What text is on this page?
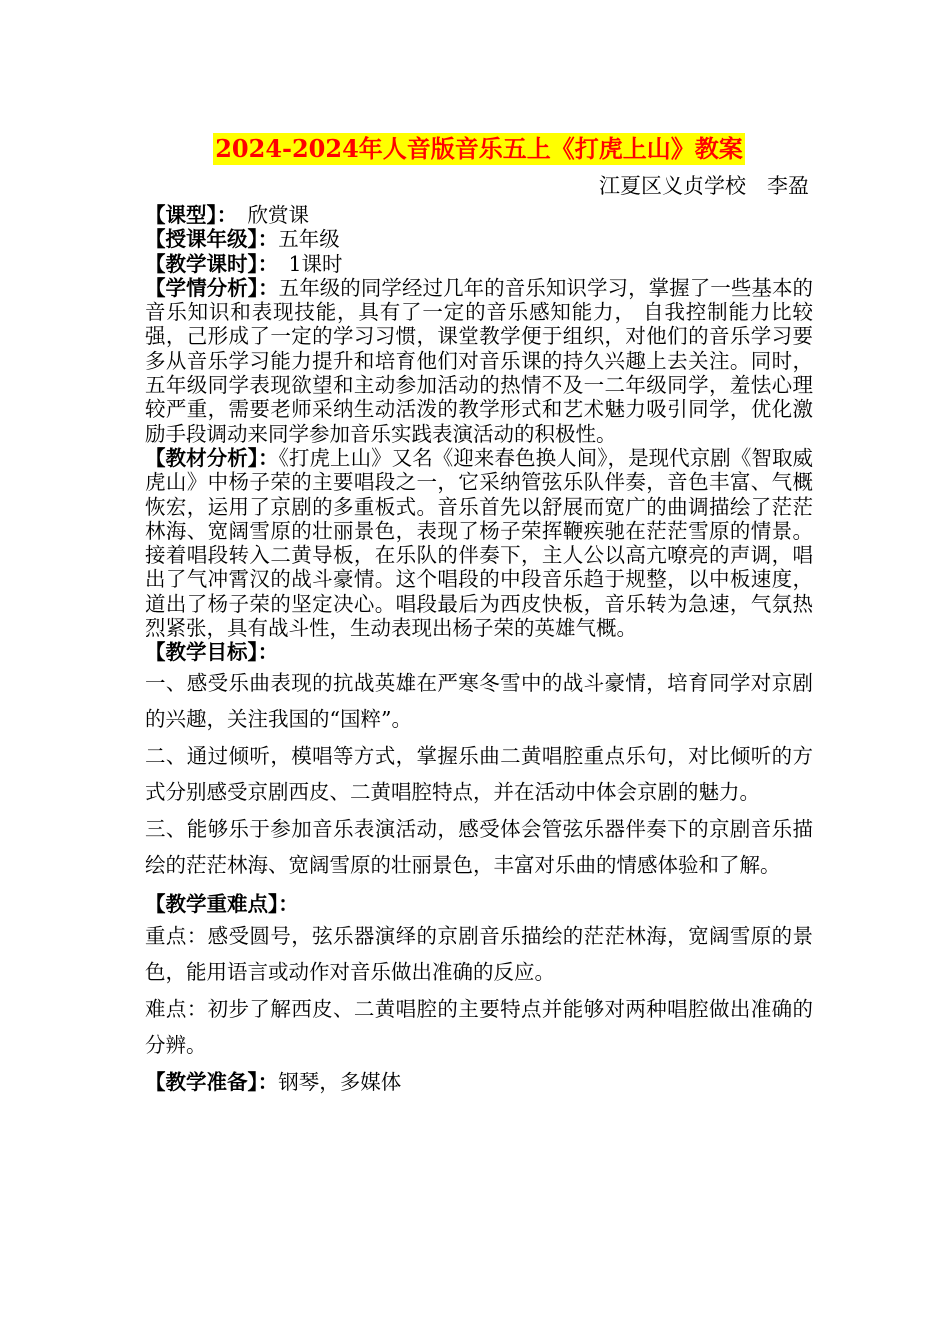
2024-2024年人音版音乐五上《打虎上山》教案
江夏区义贞学校　李盈

【课型】：　欣赏课

【授课年级】：五年级

【教学课时】：　1课时

【学情分析】：五年级的同学经过几年的音乐知识学习，掌握了一些基本的音乐知识和表现技能，具有了一定的音乐感知能力， 自我控制能力比较强，己形成了一定的学习习惯，课堂教学便于组织，对他们的音乐学习要多从音乐学习能力提升和培育他们对音乐课的持久兴趣上去关注。同时，五年级同学表现欲望和主动参加活动的热情不及一二年级同学，羞怯心理较严重，需要老师采纳生动活泼的教学形式和艺术魅力吸引同学，优化激励手段调动来同学参加音乐实践表演活动的积极性。

【教材分析】：《打虎上山》又名《迎来春色换人间》，是现代京剧《智取威虎山》中杨子荣的主要唱段之一，它采纳管弦乐队伴奏，音色丰富、气概恢宏，运用了京剧的多重板式。音乐首先以舒展而宽广的曲调描绘了茫茫林海、宽阔雪原的壮丽景色，表现了杨子荣挥鞭疾驰在茫茫雪原的情景。接着唱段转入二黄导板，在乐队的伴奏下，主人公以高亢嘹亮的声调，唱出了气冲霄汉的战斗豪情。这个唱段的中段音乐趋于规整，以中板速度，道出了杨子荣的坚定决心。唱段最后为西皮快板，音乐转为急速，气氛热烈紧张，具有战斗性，生动表现出杨子荣的英雄气概。

【教学目标】：

一、感受乐曲表现的抗战英雄在严寒冬雪中的战斗豪情，培育同学对京剧的兴趣，关注我国的“国粹”。

二、通过倾听，模唱等方式，掌握乐曲二黄唱腔重点乐句，对比倾听的方式分别感受京剧西皮、二黄唱腔特点，并在活动中体会京剧的魅力。

三、能够乐于参加音乐表演活动，感受体会管弦乐器伴奏下的京剧音乐描绘的茫茫林海、宽阔雪原的壮丽景色，丰富对乐曲的情感体验和了解。

【教学重难点】：

重点：感受圆号，弦乐器演绎的京剧音乐描绘的茫茫林海，宽阔雪原的景色，能用语言或动作对音乐做出准确的反应。

难点：初步了解西皮、二黄唱腔的主要特点并能够对两种唱腔做出准确的分辨。

【教学准备】：钢琴，多媒体
